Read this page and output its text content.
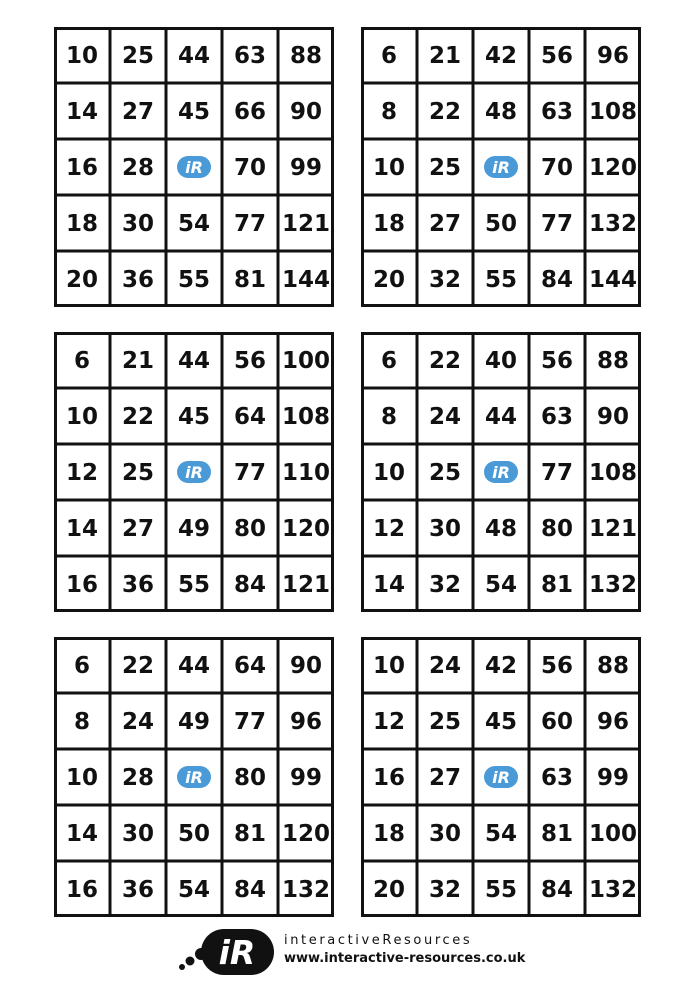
10 25 44 63 88
14 27 45 66 90
16 28 iR 70 99
18 30 54 77 121
20 36 55 81 144
6 21 42 56 96
8 22 48 63 108
10 25 iR 70 120
18 27 50 77 132
20 32 55 84 144
6 21 44 56 100
10 22 45 64 108
12 25 iR 77 110
14 27 49 80 120
16 36 55 84 121
6 22 40 56 88
8 24 44 63 90
10 25 iR 77 108
12 30 48 80 121
14 32 54 81 132
6 22 44 64 90
8 24 49 77 96
10 28 iR 80 99
14 30 50 81 120
16 36 54 84 132
10 24 42 56 88
12 25 45 60 96
16 27 iR 63 99
18 30 54 81 100
20 32 55 84 132
iR interactiveResources
www.interactive-resources.co.uk
